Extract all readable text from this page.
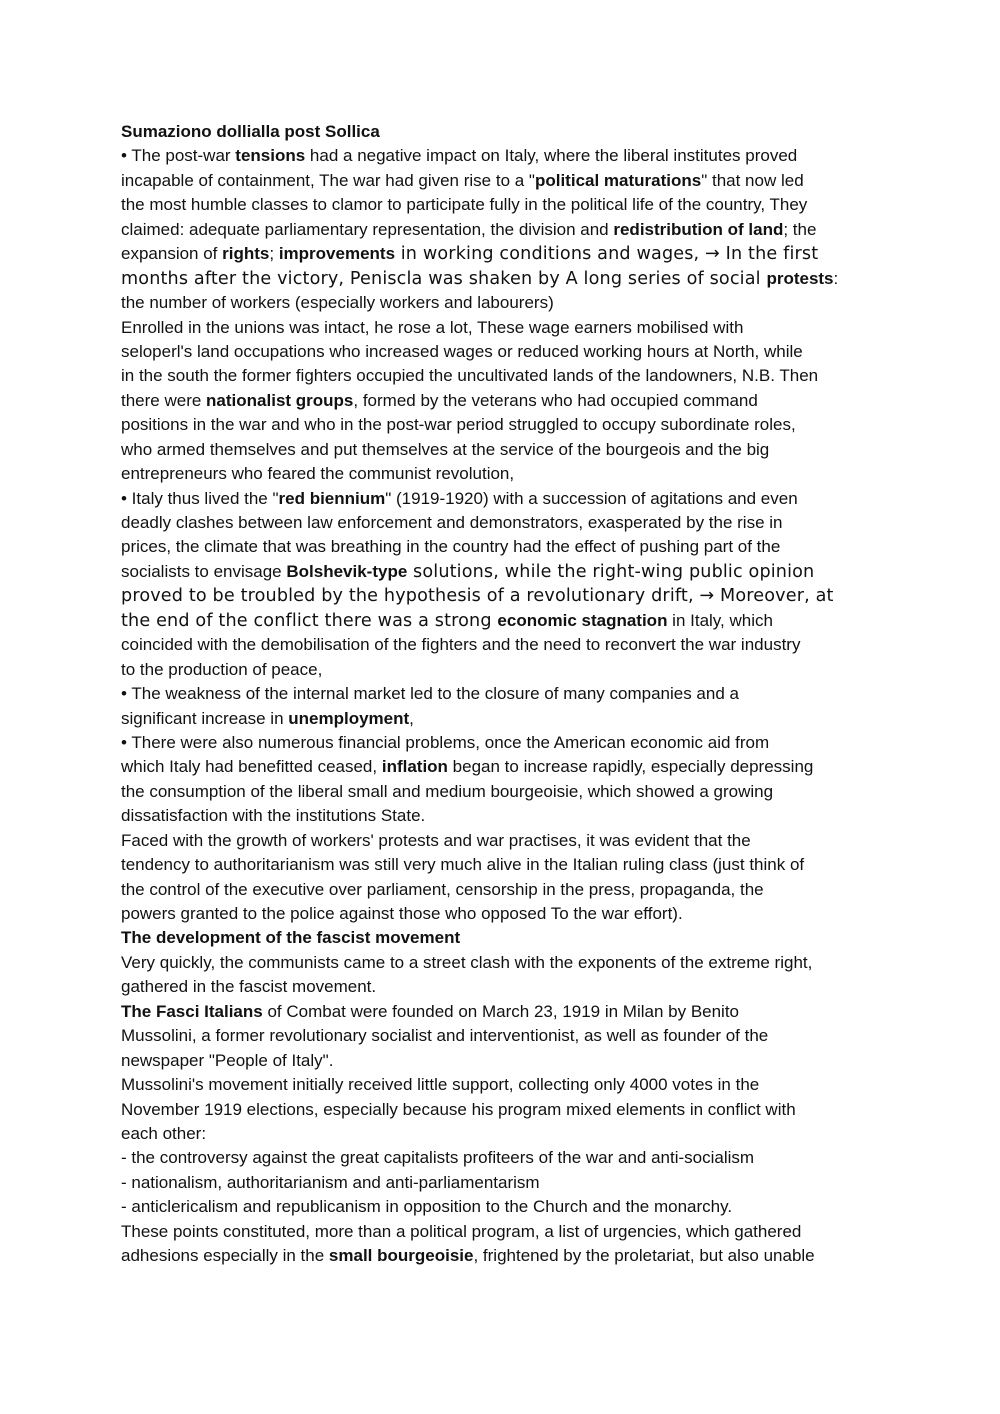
Sumaziono dollialla post Sollica
• The post-war tensions had a negative impact on Italy, where the liberal institutes proved
incapable of containment, The war had given rise to a "political maturations" that now led
the most humble classes to clamor to participate fully in the political life of the country, They
claimed: adequate parliamentary representation, the division and redistribution of land; the
expansion of rights; improvements in working conditions and wages, → In the first
months after the victory, Peniscla was shaken by A long series of social protests:
the number of workers (especially workers and labourers)
Enrolled in the unions was intact, he rose a lot, These wage earners mobilised with
seloperl's land occupations who increased wages or reduced working hours at North, while
in the south the former fighters occupied the uncultivated lands of the landowners, N.B. Then
there were nationalist groups, formed by the veterans who had occupied command
positions in the war and who in the post-war period struggled to occupy subordinate roles,
who armed themselves and put themselves at the service of the bourgeois and the big
entrepreneurs who feared the communist revolution,
• Italy thus lived the "red biennium" (1919-1920) with a succession of agitations and even
deadly clashes between law enforcement and demonstrators, exasperated by the rise in
prices, the climate that was breathing in the country had the effect of pushing part of the
socialists to envisage Bolshevik-type solutions, while the right-wing public opinion
proved to be troubled by the hypothesis of a revolutionary drift, → Moreover, at
the end of the conflict there was a strong economic stagnation in Italy, which
coincided with the demobilisation of the fighters and the need to reconvert the war industry
to the production of peace,
• The weakness of the internal market led to the closure of many companies and a
significant increase in unemployment,
• There were also numerous financial problems, once the American economic aid from
which Italy had benefitted ceased, inflation began to increase rapidly, especially depressing
the consumption of the liberal small and medium bourgeoisie, which showed a growing
dissatisfaction with the institutions State.
Faced with the growth of workers' protests and war practises, it was evident that the
tendency to authoritarianism was still very much alive in the Italian ruling class (just think of
the control of the executive over parliament, censorship in the press, propaganda, the
powers granted to the police against those who opposed To the war effort).
The development of the fascist movement
Very quickly, the communists came to a street clash with the exponents of the extreme right,
gathered in the fascist movement.
The Fasci Italians of Combat were founded on March 23, 1919 in Milan by Benito
Mussolini, a former revolutionary socialist and interventionist, as well as founder of the
newspaper "People of Italy".
Mussolini's movement initially received little support, collecting only 4000 votes in the
November 1919 elections, especially because his program mixed elements in conflict with
each other:
- the controversy against the great capitalists profiteers of the war and anti-socialism
- nationalism, authoritarianism and anti-parliamentarism
- anticlericalism and republicanism in opposition to the Church and the monarchy.
These points constituted, more than a political program, a list of urgencies, which gathered
adhesions especially in the small bourgeoisie, frightened by the proletariat, but also unable
